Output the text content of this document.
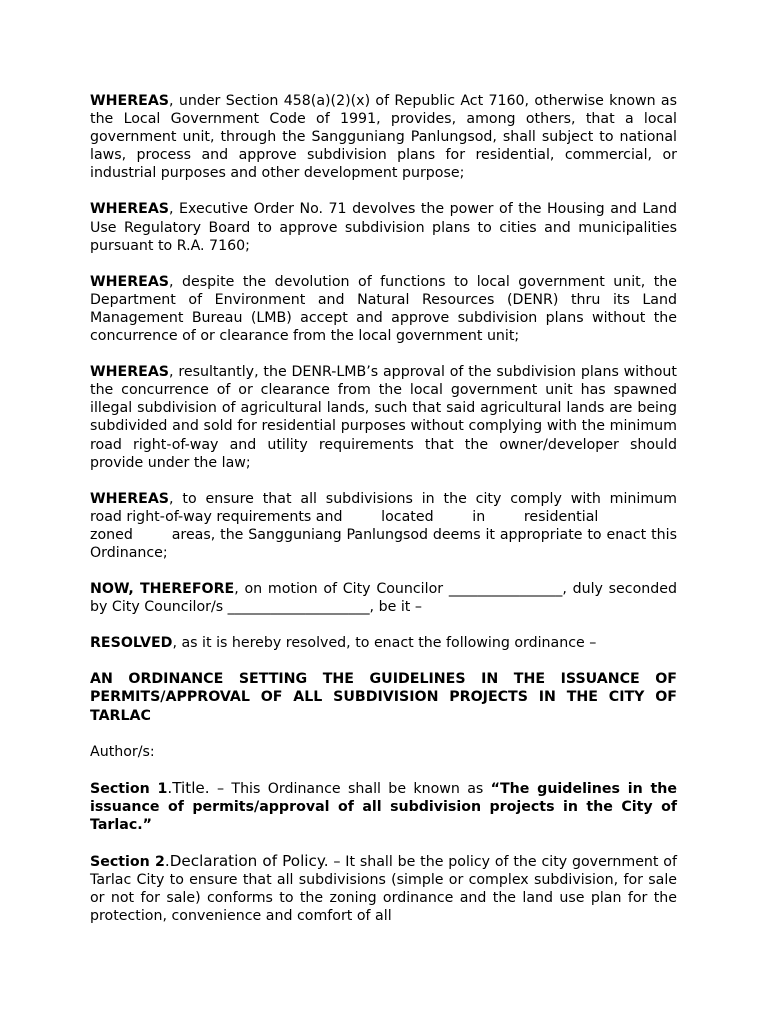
WHEREAS, under Section 458(a)(2)(x) of Republic Act 7160, otherwise known as the Local Government Code of 1991, provides, among others, that a local government unit, through the Sangguniang Panlungsod, shall subject to national laws, process and approve subdivision plans for residential, commercial, or industrial purposes and other development purpose;

WHEREAS, Executive Order No. 71 devolves the power of the Housing and Land Use Regulatory Board to approve subdivision plans to cities and municipalities pursuant to R.A. 7160;

WHEREAS, despite the devolution of functions to local government unit, the Department of Environment and Natural Resources (DENR) thru its Land Management Bureau (LMB) accept and approve subdivision plans without the concurrence of or clearance from the local government unit;

WHEREAS, resultantly, the DENR-LMB’s approval of the subdivision plans without the concurrence of or clearance from the local government unit has spawned illegal subdivision of agricultural lands, such that said agricultural lands are being subdivided and sold for residential purposes without complying with the minimum road right-of-way and utility requirements that the owner/developer should provide under the law;

WHEREAS, to ensure that all subdivisions in the city comply with minimum
road right-of-way requirements and	located	in	residential
zoned        areas, the Sangguniang Panlungsod deems it appropriate to enact this Ordinance;

NOW, THEREFORE, on motion of City Councilor ________________, duly seconded by City Councilor/s ____________________, be it –

RESOLVED, as it is hereby resolved, to enact the following ordinance –

AN ORDINANCE SETTING THE GUIDELINES IN THE ISSUANCE OF PERMITS/APPROVAL OF ALL SUBDIVISION PROJECTS IN THE CITY OF TARLAC

Author/s:

Section 1.Title. – This Ordinance shall be known as “The guidelines in the issuance of permits/approval of all subdivision projects in the City of Tarlac.”

Section 2.Declaration of Policy. – It shall be the policy of the city government of Tarlac City to ensure that all subdivisions (simple or complex subdivision, for sale or not for sale) conforms to the zoning ordinance and the land use plan for the protection, convenience and comfort of all
